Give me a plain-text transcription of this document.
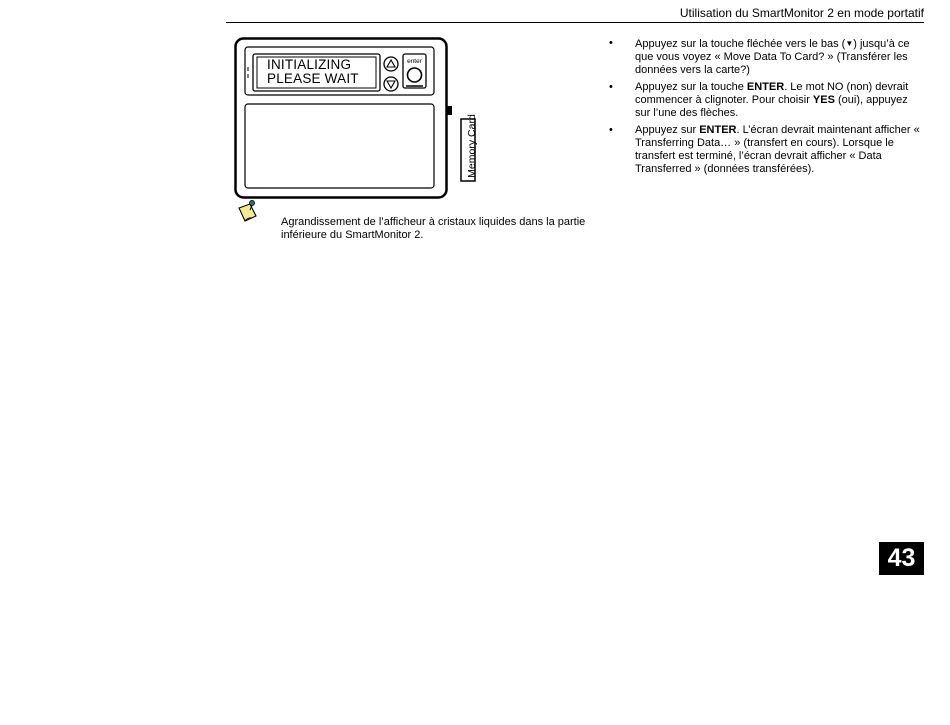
Utilisation du SmartMonitor 2 en mode portatif
enter
INITIALIZING
PLEASE WAIT
Memory Card
Agrandissement de l’afficheur à cristaux liquides dans la partie inférieure du SmartMonitor 2.
• Appuyez sur la touche fléchée vers le bas (▼) jusqu’à ce que vous voyez « Move Data To Card? » (Transférer les données vers la carte?)
• Appuyez sur la touche ENTER. Le mot NO (non) devrait commencer à clignoter. Pour choisir YES (oui), appuyez sur l’une des flèches.
• Appuyez sur ENTER. L’écran devrait maintenant afficher « Transferring Data… » (transfert en cours). Lorsque le transfert est terminé, l’écran devrait afficher « Data Transferred » (données transférées).
43
